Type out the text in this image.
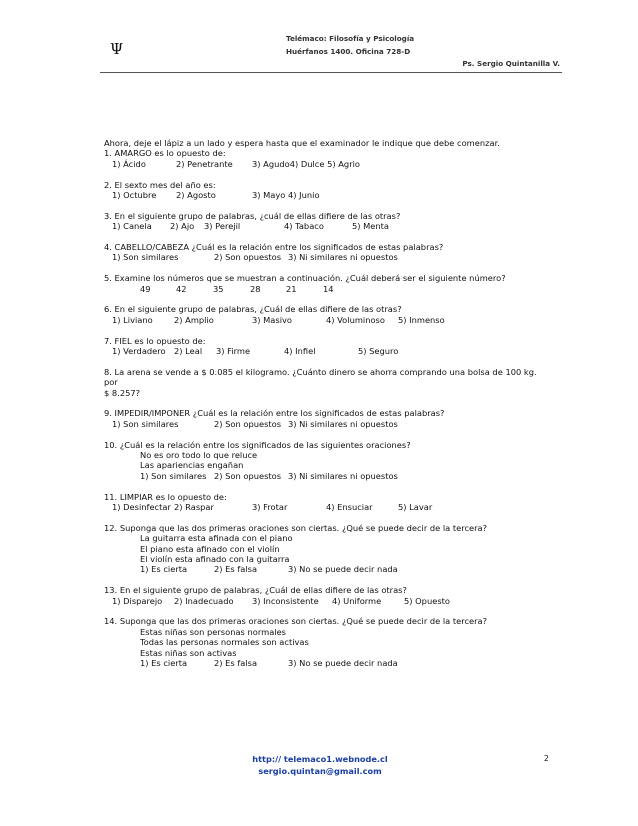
Ψ
Telémaco: Filosofía y Psicología
Huérfanos 1400. Oficina 728-D
Ps. Sergio Quintanilla V.
Ahora, deje el lápiz a un lado y espera hasta que el examinador le indique que debe comenzar.
1. AMARGO es lo opuesto de:
1) Ácido	2) Penetrante 3) Agudo4) Dulce 5) Agrio
2. El sexto mes del año es:
1) Octubre 2) Agosto	3) Mayo 4) Junio
3. En el siguiente grupo de palabras, ¿cuál de ellas difiere de las otras?
1) Canela 2) Ajo 3) Perejil	4) Tabaco	5) Menta
4. CABELLO/CABEZA ¿Cuál es la relación entre los significados de estas palabras?
1) Son similares	2) Son opuestos 3) Ni similares ni opuestos
5. Examine los números que se muestran a continuación. ¿Cuál deberá ser el siguiente número?
49	42	35	28	21	14
6. En el siguiente grupo de palabras, ¿Cuál de ellas difiere de las otras?
1) Liviano	2) Amplio	3) Masivo	4) Voluminoso 5) Inmenso
7. FIEL es lo opuesto de:
1) Verdadero 2) Leal 3) Firme	4) Infiel	5) Seguro
8. La arena se vende a $ 0.085 el kilogramo. ¿Cuánto dinero se ahorra comprando una bolsa de 100 kg.
por
$ 8.257?
9. IMPEDIR/IMPONER ¿Cuál es la relación entre los significados de estas palabras?
1) Son similares	2) Son opuestos 3) Ni similares ni opuestos
10. ¿Cuál es la relación entre los significados de las siguientes oraciones?
No es oro todo lo que reluce
Las apariencias engañan
1) Son similares 2) Son opuestos 3) Ni similares ni opuestos
11. LIMPIAR es lo opuesto de:
1) Desinfectar 2) Raspar	3) Frotar	4) Ensuciar	5) Lavar
12. Suponga que las dos primeras oraciones son ciertas. ¿Qué se puede decir de la tercera?
La guitarra esta afinada con el piano
El piano esta afinado con el violín
El violín esta afinado con la guitarra
1) Es cierta	2) Es falsa	3) No se puede decir nada
13. En el siguiente grupo de palabras, ¿Cuál de ellas difiere de las otras?
1) Disparejo 2) Inadecuado 3) Inconsistente 4) Uniforme	5) Opuesto
14. Suponga que las dos primeras oraciones son ciertas. ¿Qué se puede decir de la tercera?
Estas niñas son personas normales
Todas las personas normales son activas
Estas niñas son activas
1) Es cierta	2) Es falsa	3) No se puede decir nada
http:// telemaco1.webnode.cl
sergio.quintan@gmail.com
2
